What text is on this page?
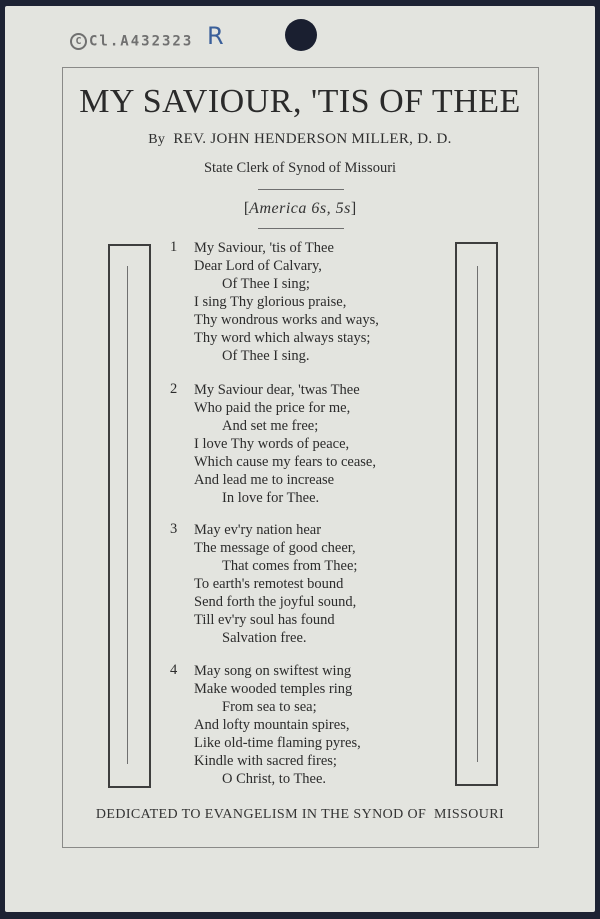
C Cl.A432323 R
MY SAVIOUR, 'TIS OF THEE
By REV. JOHN HENDERSON MILLER, D. D.
State Clerk of Synod of Missouri
[America 6s, 5s]
1	My Saviour, 'tis of Thee
Dear Lord of Calvary,
Of Thee I sing;
I sing Thy glorious praise,
Thy wondrous works and ways,
Thy word which always stays;
Of Thee I sing.
2	My Saviour dear, 'twas Thee
Who paid the price for me,
And set me free;
I love Thy words of peace,
Which cause my fears to cease,
And lead me to increase
In love for Thee.
3	May ev'ry nation hear
The message of good cheer,
That comes from Thee;
To earth's remotest bound
Send forth the joyful sound,
Till ev'ry soul has found
Salvation free.
4	May song on swiftest wing
Make wooded temples ring
From sea to sea;
And lofty mountain spires,
Like old-time flaming pyres,
Kindle with sacred fires;
O Christ, to Thee.
DEDICATED TO EVANGELISM IN THE SYNOD OF  MISSOURI
